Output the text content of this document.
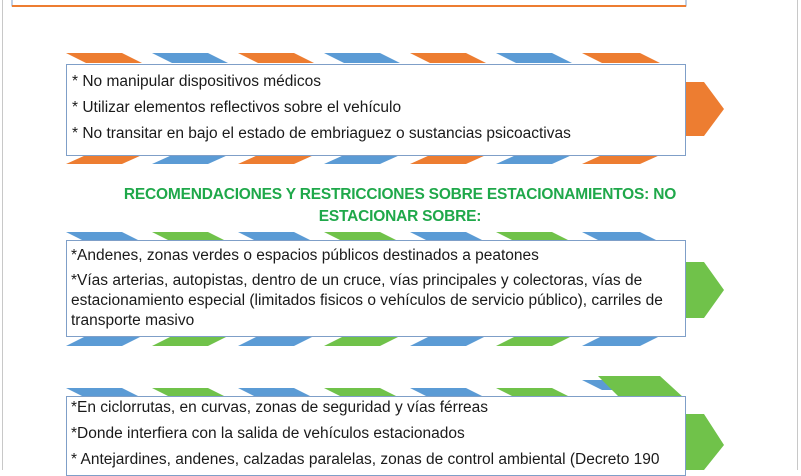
* No manipular dispositivos médicos

* Utilizar elementos reflectivos sobre el vehículo

* No transitar en bajo el estado de embriaguez o sustancias psicoactivas

RECOMENDACIONES Y RESTRICCIONES SOBRE ESTACIONAMIENTOS: NO
ESTACIONAR SOBRE:

*Andenes, zonas verdes o espacios públicos destinados a peatones

*Vías arterias, autopistas, dentro de un cruce, vías principales y colectoras, vías de

estacionamiento especial (limitados fisicos o vehículos de servicio público), carriles de

transporte masivo

*En ciclorrutas, en curvas, zonas de seguridad y vías férreas

*Donde interfiera con la salida de vehículos estacionados

* Antejardines, andenes, calzadas paralelas, zonas de control ambiental (Decreto 190
